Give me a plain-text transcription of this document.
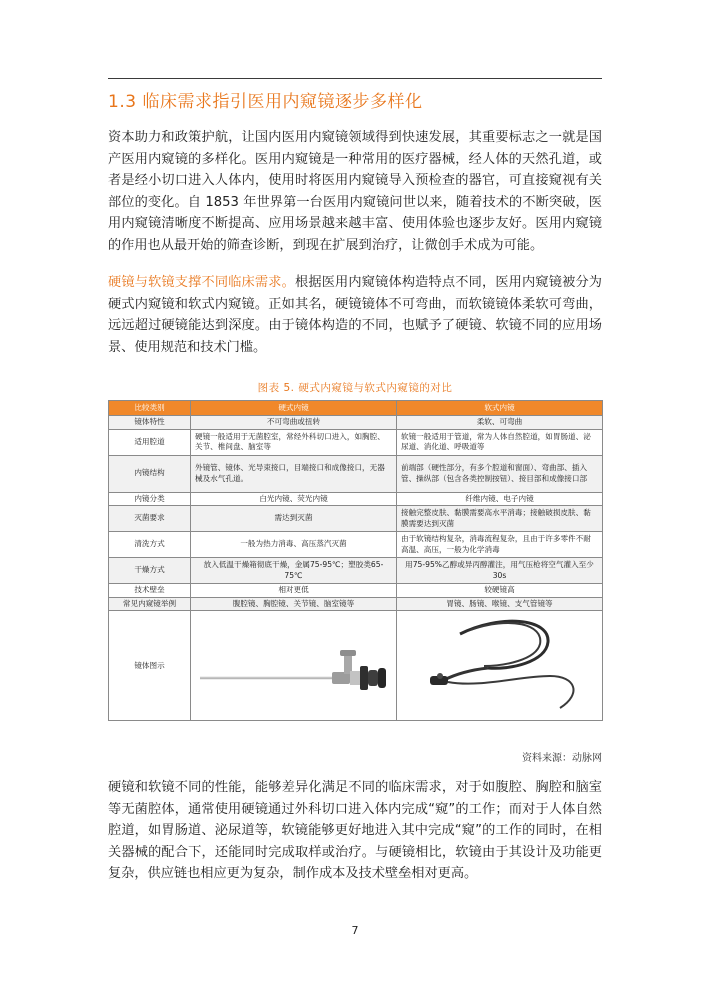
1.3 临床需求指引医用内窥镜逐步多样化

资本助力和政策护航，让国内医用内窥镜领域得到快速发展，其重要标志之一就是国产医用内窥镜的多样化。医用内窥镜是一种常用的医疗器械，经人体的天然孔道，或者是经小切口进入人体内，使用时将医用内窥镜导入预检查的器官，可直接窥视有关部位的变化。自 1853 年世界第一台医用内窥镜问世以来，随着技术的不断突破，医用内窥镜清晰度不断提高、应用场景越来越丰富、使用体验也逐步友好。医用内窥镜的作用也从最开始的筛查诊断，到现在扩展到治疗，让微创手术成为可能。

硬镜与软镜支撑不同临床需求。根据医用内窥镜体构造特点不同，医用内窥镜被分为硬式内窥镜和软式内窥镜。正如其名，硬镜镜体不可弯曲，而软镜镜体柔软可弯曲，远远超过硬镜能达到深度。由于镜体构造的不同，也赋予了硬镜、软镜不同的应用场景、使用规范和技术门槛。

图表 5. 硬式内窥镜与软式内窥镜的对比
比较类别	硬式内镜	软式内镜
镜体特性	不可弯曲或扭转	柔软、可弯曲
适用腔道	硬镜一般适用于无菌腔室，常经外科切口进入，如胸腔、关节、椎间盘、脑室等	软镜一般适用于管道，常为人体自然腔道，如胃肠道、泌尿道、消化道、呼吸道等
内镜结构	外镜管、镜体、光导束接口，目端接口和成像接口，无器械及水气孔道。	前端部（硬性部分，有多个腔道和窗面）、弯曲部、插入管、操纵部（包含各类控制按钮）、接目部和成像接口部
内镜分类	白光内镜、荧光内镜	纤维内镜、电子内镜
灭菌要求	需达到灭菌	接触完整皮肤、黏膜需要高水平消毒；接触破损皮肤、黏膜需要达到灭菌
清洗方式	一般为热力消毒、高压蒸汽灭菌	由于软镜结构复杂，消毒流程复杂，且由于许多零件不耐高温、高压，一般为化学消毒
干燥方式	放入低温干燥箱彻底干燥，金属75-95℃；塑胶类65-75℃	用75-95%乙醇或异丙醇灌注，用气压枪将空气灌入至少30s
技术壁垒	相对更低	较硬镜高
常见内窥镜举例	腹腔镜、胸腔镜、关节镜、脑室镜等	胃镜、肠镜、喉镜、支气管镜等
镜体图示	

资料来源：动脉网

硬镜和软镜不同的性能，能够差异化满足不同的临床需求，对于如腹腔、胸腔和脑室等无菌腔体，通常使用硬镜通过外科切口进入体内完成“窥”的工作；而对于人体自然腔道，如胃肠道、泌尿道等，软镜能够更好地进入其中完成“窥”的工作的同时，在相关器械的配合下，还能同时完成取样或治疗。与硬镜相比，软镜由于其设计及功能更复杂，供应链也相应更为复杂，制作成本及技术壁垒相对更高。

7
